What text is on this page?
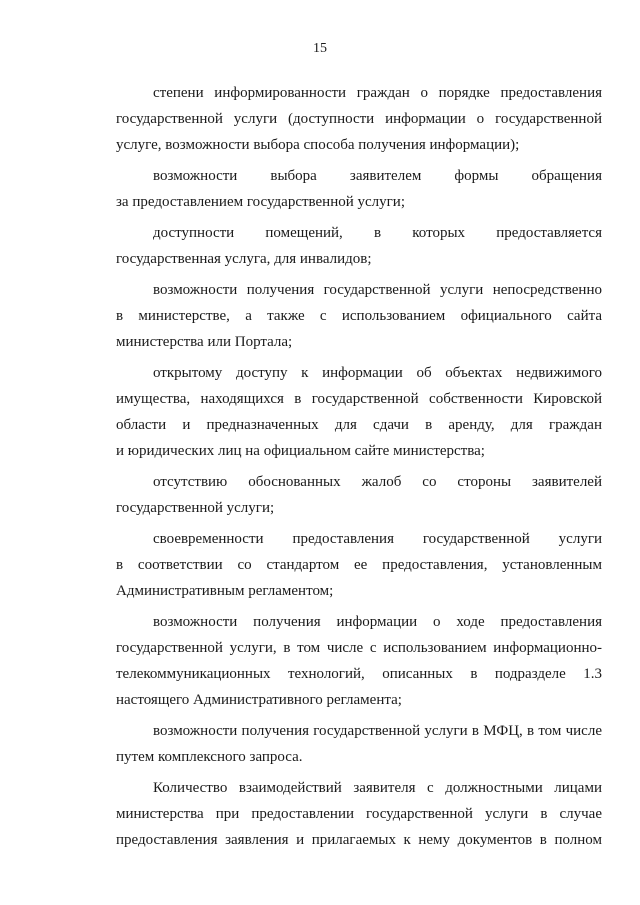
15
степени информированности граждан о порядке предоставления
государственной услуги (доступности информации о государственной
услуге, возможности выбора способа получения информации);
возможности выбора заявителем формы обращения
за предоставлением государственной услуги;
доступности помещений, в которых предоставляется
государственная услуга, для инвалидов;
возможности получения государственной услуги непосредственно
в министерстве, а также с использованием официального сайта
министерства или Портала;
открытому доступу к информации об объектах недвижимого
имущества, находящихся в государственной собственности Кировской
области и предназначенных для сдачи в аренду, для граждан
и юридических лиц на официальном сайте министерства;
отсутствию обоснованных жалоб со стороны заявителей
государственной услуги;
своевременности предоставления государственной услуги
в соответствии со стандартом ее предоставления, установленным
Административным регламентом;
возможности получения информации о ходе предоставления
государственной услуги, в том числе с использованием информационно-
телекоммуникационных технологий, описанных в подразделе 1.3
настоящего Административного регламента;
возможности получения государственной услуги в МФЦ, в том числе
путем комплексного запроса.
Количество взаимодействий заявителя с должностными лицами
министерства при предоставлении государственной услуги в случае
предоставления заявления и прилагаемых к нему документов в полном
